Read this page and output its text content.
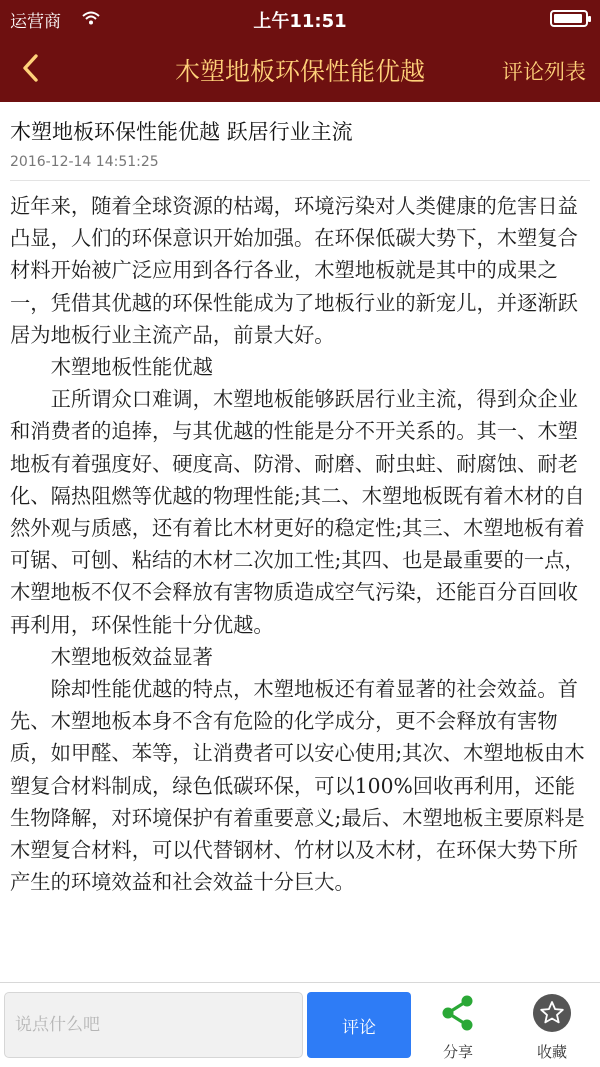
运营商	上午11:51
木塑地板环保性能优越	评论列表
木塑地板环保性能优越 跃居行业主流
2016-12-14 14:51:25

近年来，随着全球资源的枯竭，环境污染对人类健康的危害日益凸显，人们的环保意识开始加强。在环保低碳大势下，木塑复合材料开始被广泛应用到各行各业，木塑地板就是其中的成果之一，凭借其优越的环保性能成为了地板行业的新宠儿，并逐渐跃居为地板行业主流产品，前景大好。

木塑地板性能优越

正所谓众口难调，木塑地板能够跃居行业主流，得到众企业和消费者的追捧，与其优越的性能是分不开关系的。其一、木塑地板有着强度好、硬度高、防滑、耐磨、耐虫蛀、耐腐蚀、耐老化、隔热阻燃等优越的物理性能;其二、木塑地板既有着木材的自然外观与质感，还有着比木材更好的稳定性;其三、木塑地板有着可锯、可刨、粘结的木材二次加工性;其四、也是最重要的一点，木塑地板不仅不会释放有害物质造成空气污染，还能百分百回收再利用，环保性能十分优越。

木塑地板效益显著

除却性能优越的特点，木塑地板还有着显著的社会效益。首先、木塑地板本身不含有危险的化学成分，更不会释放有害物质，如甲醛、苯等，让消费者可以安心使用;其次、木塑地板由木塑复合材料制成，绿色低碳环保，可以100%回收再利用，还能生物降解，对环境保护有着重要意义;最后、木塑地板主要原料是木塑复合材料，可以代替钢材、竹材以及木材，在环保大势下所产生的环境效益和社会效益十分巨大。

说点什么吧
评论
分享	收藏
